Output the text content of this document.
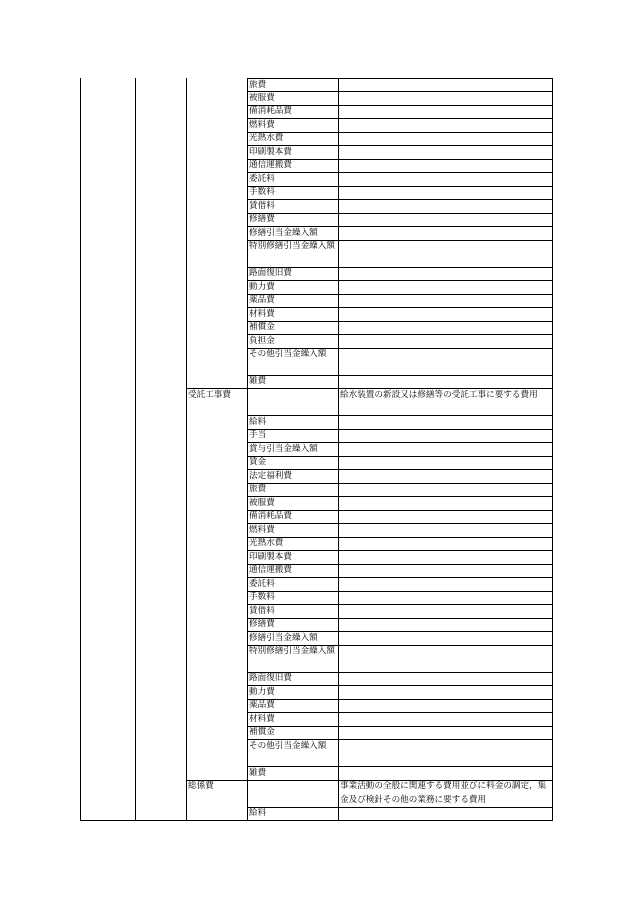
旅費
被服費
備消耗品費
燃料費
光熱水費
印刷製本費
通信運搬費
委託料
手数料
賃借料
修繕費
修繕引当金繰入額
特別修繕引当金繰入額
路面復旧費
動力費
薬品費
材料費
補償金
負担金
その他引当金繰入額
雑費
受託工事費	給水装置の新設又は修繕等の受託工事に要する費用
給料
手当
賞与引当金繰入額
賃金
法定福利費
旅費
被服費
備消耗品費
燃料費
光熱水費
印刷製本費
通信運搬費
委託料
手数料
賃借料
修繕費
修繕引当金繰入額
特別修繕引当金繰入額
路面復旧費
動力費
薬品費
材料費
補償金
その他引当金繰入額
雑費
総係費	事業活動の全般に関連する費用並びに料金の調定，集金及び検針その他の業務に要する費用
給料
